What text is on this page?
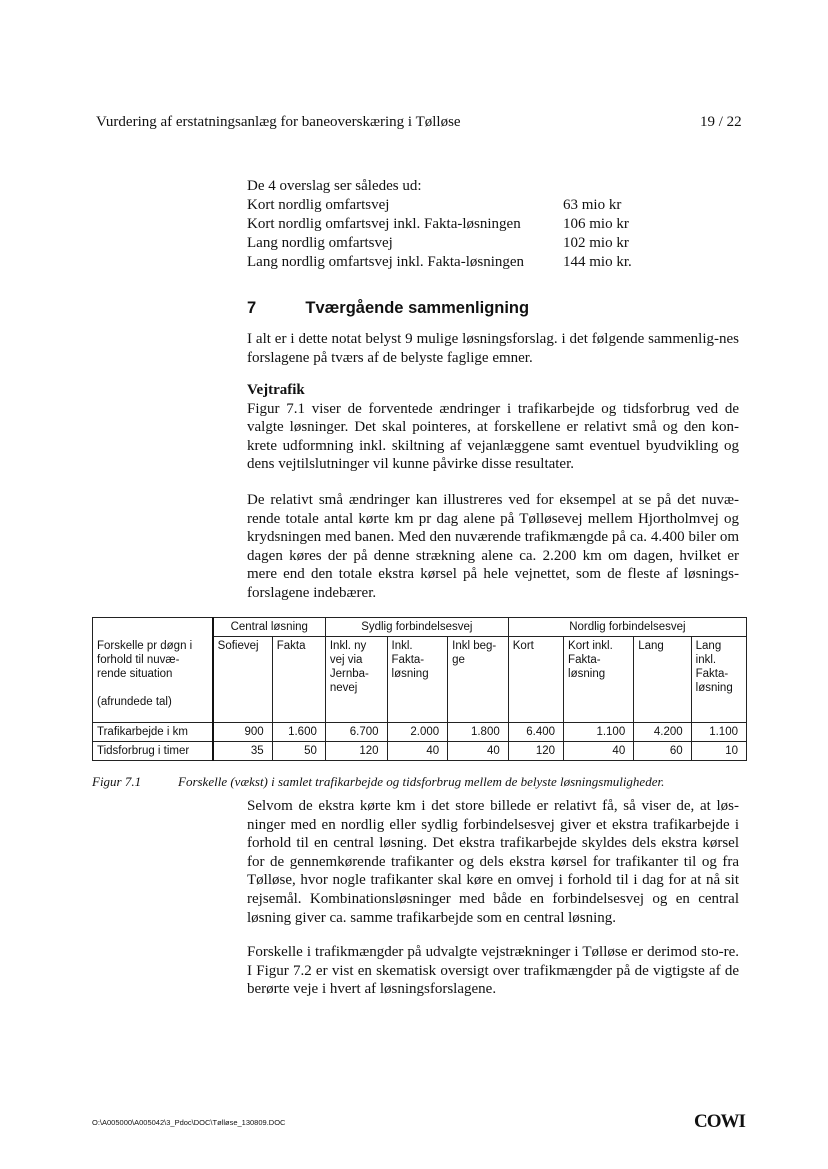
Vurdering af erstatningsanlæg for baneoverskæring i Tølløse	19 / 22
De 4 overslag ser således ud:
Kort nordlig omfartsvej	63 mio kr
Kort nordlig omfartsvej inkl. Fakta-løsningen	106 mio kr
Lang nordlig omfartsvej	102 mio kr
Lang nordlig omfartsvej inkl. Fakta-løsningen	144 mio kr.
7	Tværgående sammenligning

I alt er i dette notat belyst 9 mulige løsningsforslag. i det følgende sammenlig-nes forslagene på tværs af de belyste faglige emner.

Vejtrafik

Figur 7.1 viser de forventede ændringer i trafikarbejde og tidsforbrug ved de valgte løsninger. Det skal pointeres, at forskellene er relativt små og den kon-krete udformning inkl. skiltning af vejanlæggene samt eventuel byudvikling og dens vejtilslutninger vil kunne påvirke disse resultater.

De relativt små ændringer kan illustreres ved for eksempel at se på det nuvæ-rende totale antal kørte km pr dag alene på Tølløsevej mellem Hjortholmvej og krydsningen med banen. Med den nuværende trafikmængde på ca. 4.400 biler om dagen køres der på denne strækning alene ca. 2.200 km om dagen, hvilket er mere end den totale ekstra kørsel på hele vejnettet, som de fleste af løsnings-forslagene indebærer.

	Central løsning		Sydlig forbindelsesvej			Nordlig forbindelsesvej			

Forskelle pr døgn i forhold til nuvæ-rende situation
(afrundede tal)	Sofievej	Fakta	Inkl. ny vej via Jernba-nevej	Inkl. Fakta-løsning	Inkl beg-ge	Kort	Kort inkl. Fakta-løsning	Lang	Lang inkl. Fakta-løsning
Trafikarbejde i km	900	1.600	6.700	2.000	1.800	6.400	1.100	4.200	1.100
Tidsforbrug i timer	35	50	120	40	40	120	40	60	10
Figur 7.1	Forskelle (vækst) i samlet trafikarbejde og tidsforbrug mellem de belyste løsningsmuligheder.

Selvom de ekstra kørte km i det store billede er relativt få, så viser de, at løs-ninger med en nordlig eller sydlig forbindelsesvej giver et ekstra trafikarbejde i forhold til en central løsning. Det ekstra trafikarbejde skyldes dels ekstra kørsel for de gennemkørende trafikanter og dels ekstra kørsel for trafikanter til og fra Tølløse, hvor nogle trafikanter skal køre en omvej i forhold til i dag for at nå sit rejsemål. Kombinationsløsninger med både en forbindelsesvej og en central løsning giver ca. samme trafikarbejde som en central løsning.

Forskelle i trafikmængder på udvalgte vejstrækninger i Tølløse er derimod sto-re. I Figur 7.2 er vist en skematisk oversigt over trafikmængder på de vigtigste af de berørte veje i hvert af løsningsforslagene.

O:\A005000\A005042\3_Pdoc\DOC\Tølløse_130809.DOC	COWI
